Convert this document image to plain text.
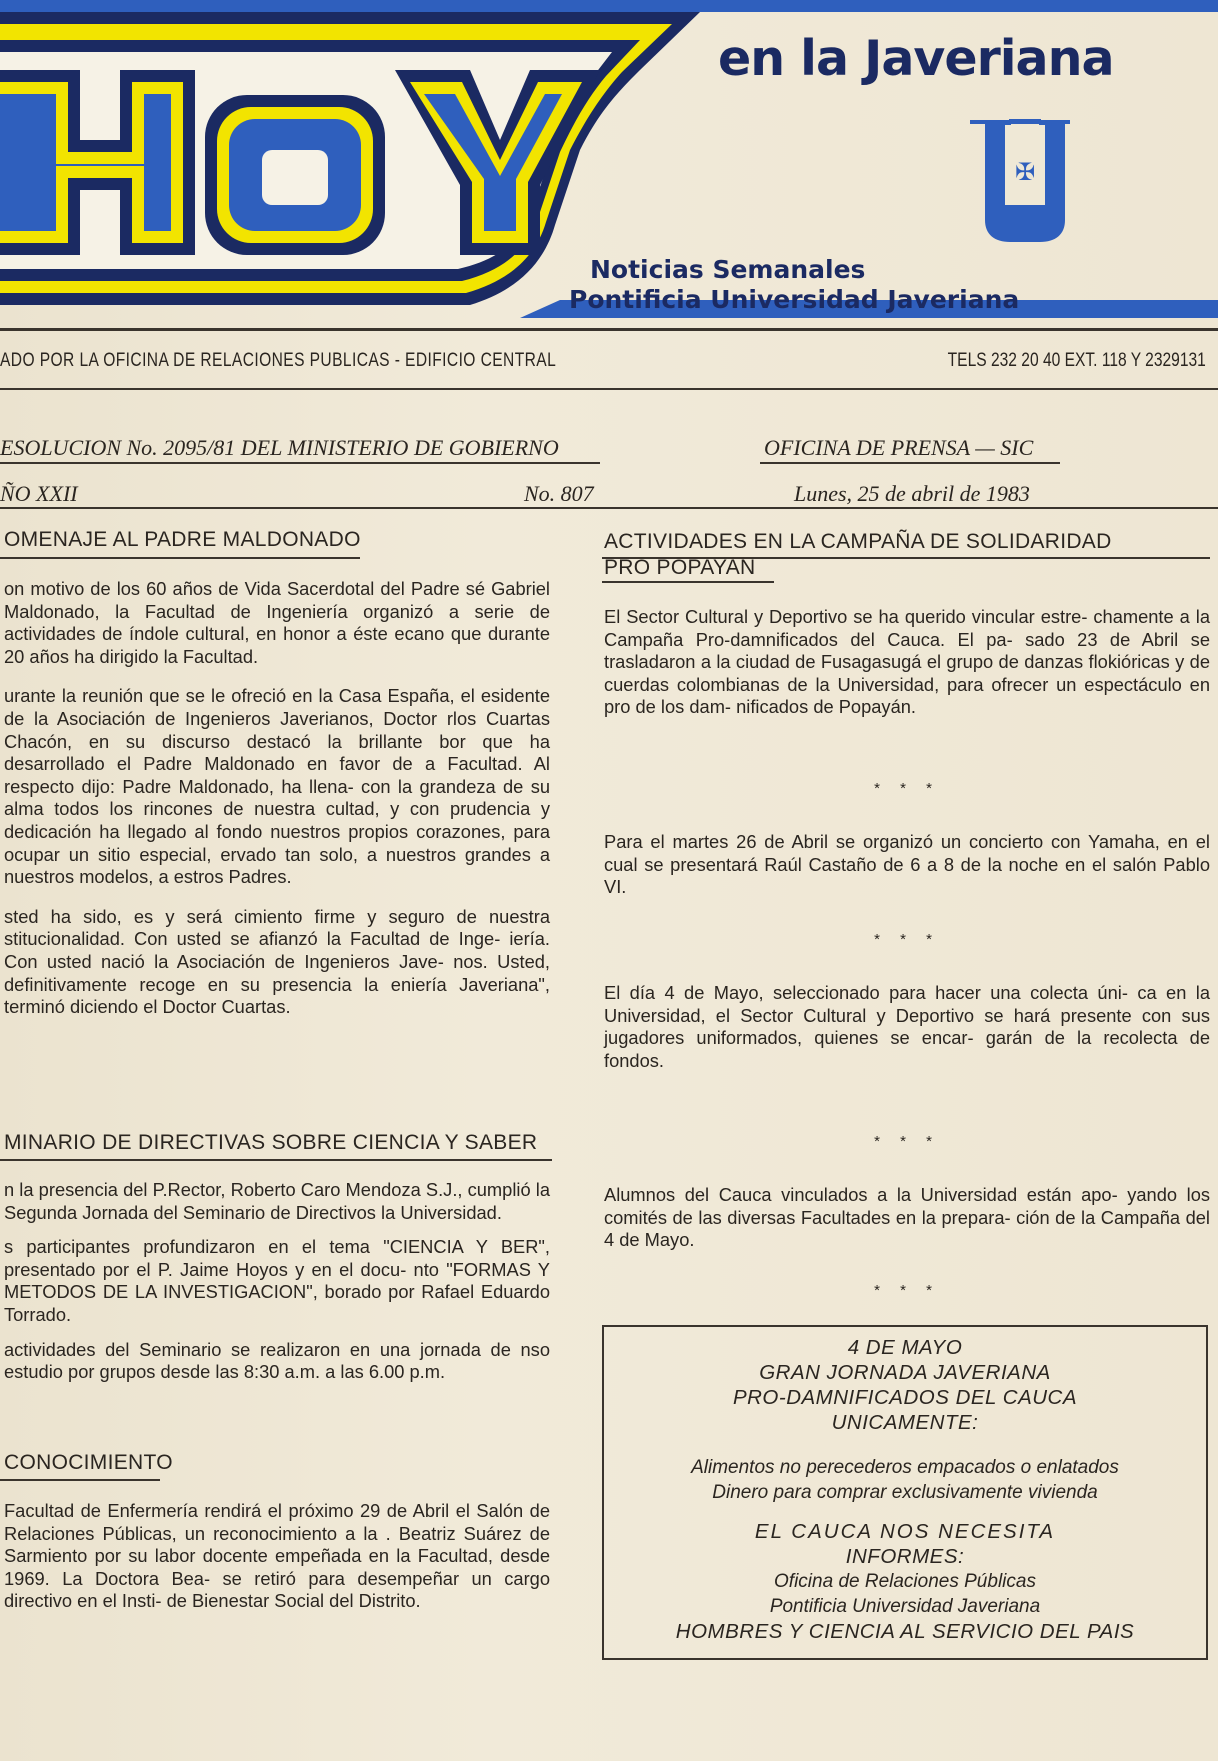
✠
en la Javeriana
Noticias Semanales
Pontificia Universidad Javeriana
ADO POR LA OFICINA DE RELACIONES PUBLICAS - EDIFICIO CENTRAL	TELS 232 20 40 EXT. 118 Y 2329131
ESOLUCION No. 2095/81 DEL MINISTERIO DE GOBIERNO	OFICINA DE PRENSA — SIC
ÑO XXII	No. 807	Lunes, 25 de abril de 1983
OMENAJE AL PADRE MALDONADO

on motivo de los 60 años de Vida Sacerdotal del Padre sé Gabriel Maldonado, la Facultad de Ingeniería organizó a serie de actividades de índole cultural, en honor a éste ecano que durante 20 años ha dirigido la Facultad.

urante la reunión que se le ofreció en la Casa España, el esidente de la Asociación de Ingenieros Javerianos, Doctor rlos Cuartas Chacón, en su discurso destacó la brillante bor que ha desarrollado el Padre Maldonado en favor de a Facultad. Al respecto dijo: Padre Maldonado, ha llena- con la grandeza de su alma todos los rincones de nuestra cultad, y con prudencia y dedicación ha llegado al fondo nuestros propios corazones, para ocupar un sitio especial, ervado tan solo, a nuestros grandes a nuestros modelos, a estros Padres.

sted ha sido, es y será cimiento firme y seguro de nuestra stitucionalidad. Con usted se afianzó la Facultad de Inge- iería. Con usted nació la Asociación de Ingenieros Jave- nos. Usted, definitivamente recoge en su presencia la eniería Javeriana", terminó diciendo el Doctor Cuartas.

MINARIO DE DIRECTIVAS SOBRE CIENCIA Y SABER

n la presencia del P.Rector, Roberto Caro Mendoza S.J., cumplió la Segunda Jornada del Seminario de Directivos la Universidad.

s participantes profundizaron en el tema "CIENCIA Y BER", presentado por el P. Jaime Hoyos y en el docu- nto "FORMAS Y METODOS DE LA INVESTIGACION", borado por Rafael Eduardo Torrado.

actividades del Seminario se realizaron en una jornada de nso estudio por grupos desde las 8:30 a.m. a las 6.00 p.m.

CONOCIMIENTO

Facultad de Enfermería rendirá el próximo 29 de Abril el Salón de Relaciones Públicas, un reconocimiento a la . Beatriz Suárez de Sarmiento por su labor docente empeñada en la Facultad, desde 1969. La Doctora Bea- se retiró para desempeñar un cargo directivo en el Insti- de Bienestar Social del Distrito.

ACTIVIDADES EN LA CAMPAÑA DE SOLIDARIDAD
PRO POPAYAN
El Sector Cultural y Deportivo se ha querido vincular estre- chamente a la Campaña Pro-damnificados del Cauca. El pa- sado 23 de Abril se trasladaron a la ciudad de Fusagasugá el grupo de danzas flokióricas y de cuerdas colombianas de la Universidad, para ofrecer un espectáculo en pro de los dam- nificados de Popayán.
* * *
Para el martes 26 de Abril se organizó un concierto con Yamaha, en el cual se presentará Raúl Castaño de 6 a 8 de la noche en el salón Pablo VI.
* * *
El día 4 de Mayo, seleccionado para hacer una colecta úni- ca en la Universidad, el Sector Cultural y Deportivo se hará presente con sus jugadores uniformados, quienes se encar- garán de la recolecta de fondos.
* * *
Alumnos del Cauca vinculados a la Universidad están apo- yando los comités de las diversas Facultades en la prepara- ción de la Campaña del 4 de Mayo.
* * *
4 DE MAYO
GRAN JORNADA JAVERIANA
PRO-DAMNIFICADOS DEL CAUCA
UNICAMENTE:
Alimentos no perecederos empacados o enlatados
Dinero para comprar exclusivamente vivienda
EL CAUCA NOS NECESITA
INFORMES:
Oficina de Relaciones Públicas
Pontificia Universidad Javeriana
HOMBRES Y CIENCIA AL SERVICIO DEL PAIS
